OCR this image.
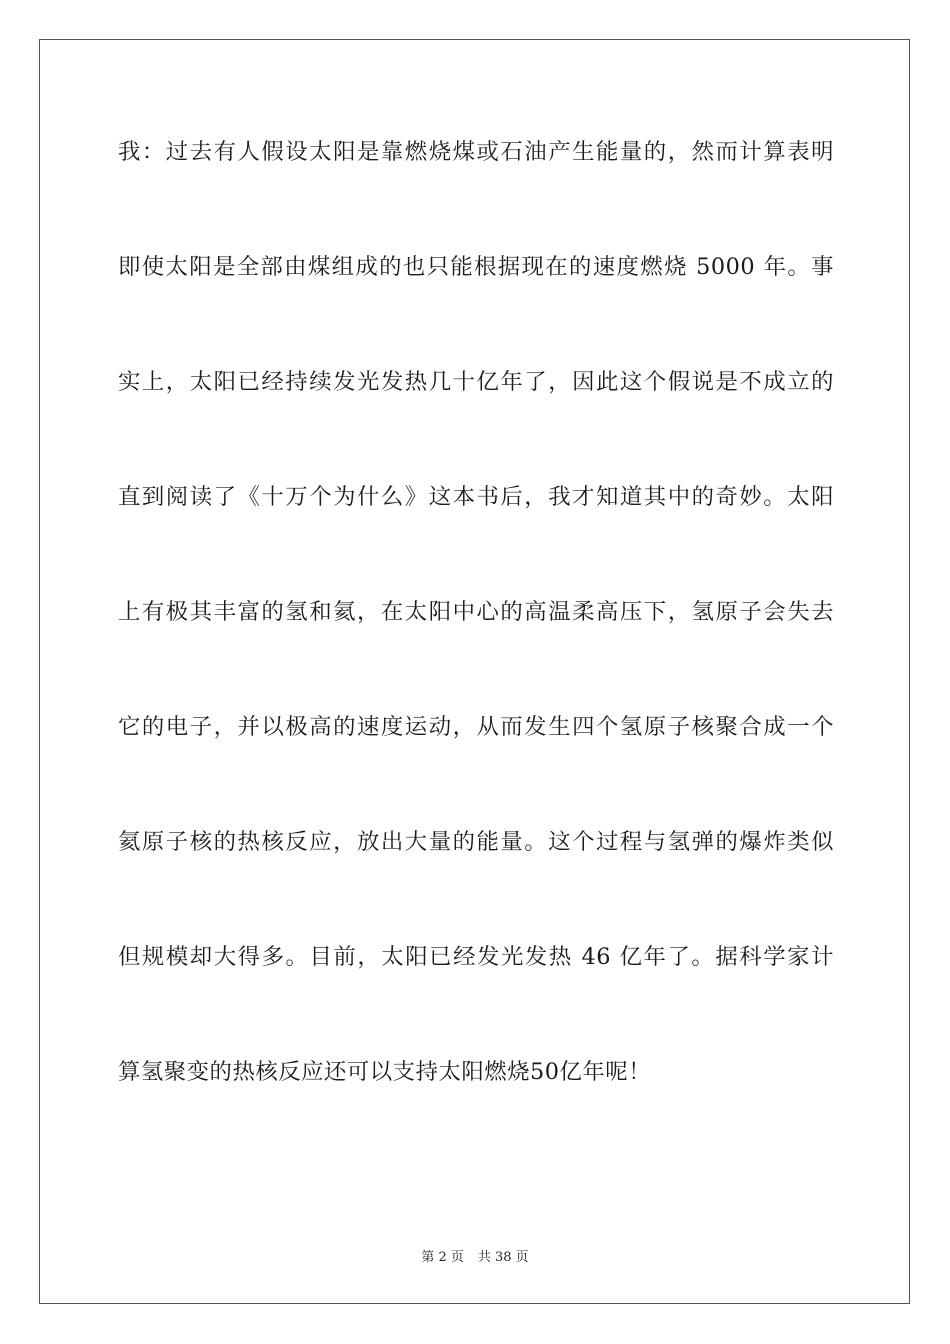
我：过去有人假设太阳是靠燃烧煤或石油产生能量的，然而计算表明
即使太阳是全部由煤组成的也只能根据现在的速度燃烧 5000 年。事
实上，太阳已经持续发光发热几十亿年了，因此这个假说是不成立的
直到阅读了《十万个为什么》这本书后，我才知道其中的奇妙。太阳
上有极其丰富的氢和氦，在太阳中心的高温柔高压下，氢原子会失去
它的电子，并以极高的速度运动，从而发生四个氢原子核聚合成一个
氦原子核的热核反应，放出大量的能量。这个过程与氢弹的爆炸类似
但规模却大得多。目前，太阳已经发光发热 46 亿年了。据科学家计
算氢聚变的热核反应还可以支持太阳燃烧50亿年呢！
第 2 页 共 38 页
